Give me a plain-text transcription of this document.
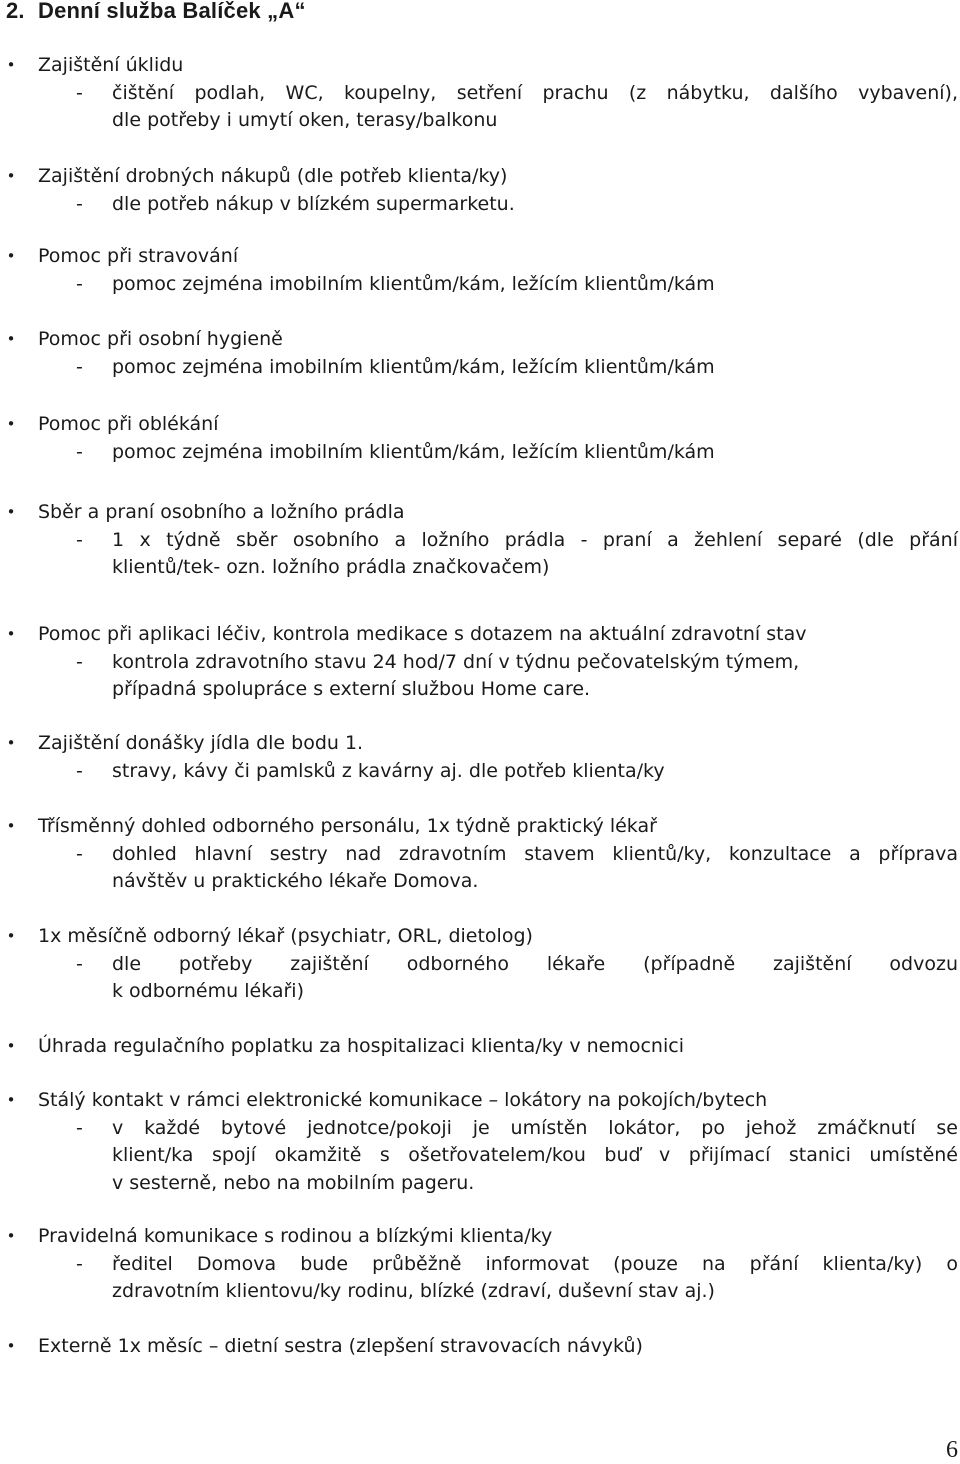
2. Denní služba Balíček „A“
•	Zajištění úklidu
- čištění podlah, WC, koupelny, setření prachu (z nábytku, dalšího vybavení),
dle potřeby i umytí oken, terasy/balkonu
•	Zajištění drobných nákupů (dle potřeb klienta/ky)
- dle potřeb nákup v blízkém supermarketu.
•	Pomoc při stravování
- pomoc zejména imobilním klientům/kám, ležícím klientům/kám
•	Pomoc při osobní hygieně
- pomoc zejména imobilním klientům/kám, ležícím klientům/kám
•	Pomoc při oblékání
- pomoc zejména imobilním klientům/kám, ležícím klientům/kám
•	Sběr a praní osobního a ložního prádla
- 1 x týdně sběr osobního a ložního prádla - praní a žehlení separé (dle přání
klientů/tek- ozn. ložního prádla značkovačem)
•	Pomoc při aplikaci léčiv, kontrola medikace s dotazem na aktuální zdravotní stav
- kontrola zdravotního stavu 24 hod/7 dní v týdnu pečovatelským týmem,
případná spolupráce s externí službou Home care.
•	Zajištění donášky jídla dle bodu 1.
- stravy, kávy či pamlsků z kavárny aj. dle potřeb klienta/ky
•	Třísměnný dohled odborného personálu, 1x týdně praktický lékař
- dohled hlavní sestry nad zdravotním stavem klientů/ky, konzultace a příprava
návštěv u praktického lékaře Domova.
•	1x měsíčně odborný lékař (psychiatr, ORL, dietolog)
- dle potřeby zajištění odborného lékaře (případně zajištění odvozu
k odbornému lékaři)
•	Úhrada regulačního poplatku za hospitalizaci klienta/ky v nemocnici
•	Stálý kontakt v rámci elektronické komunikace – lokátory na pokojích/bytech
- v každé bytové jednotce/pokoji je umístěn lokátor, po jehož zmáčknutí se
klient/ka spojí okamžitě s ošetřovatelem/kou buď v přijímací stanici umístěné
v sesterně, nebo na mobilním pageru.
•	Pravidelná komunikace s rodinou a blízkými klienta/ky
- ředitel Domova bude průběžně informovat (pouze na přání klienta/ky) o
zdravotním klientovu/ky rodinu, blízké (zdraví, duševní stav aj.)
•	Externě 1x měsíc – dietní sestra (zlepšení stravovacích návyků)
6
